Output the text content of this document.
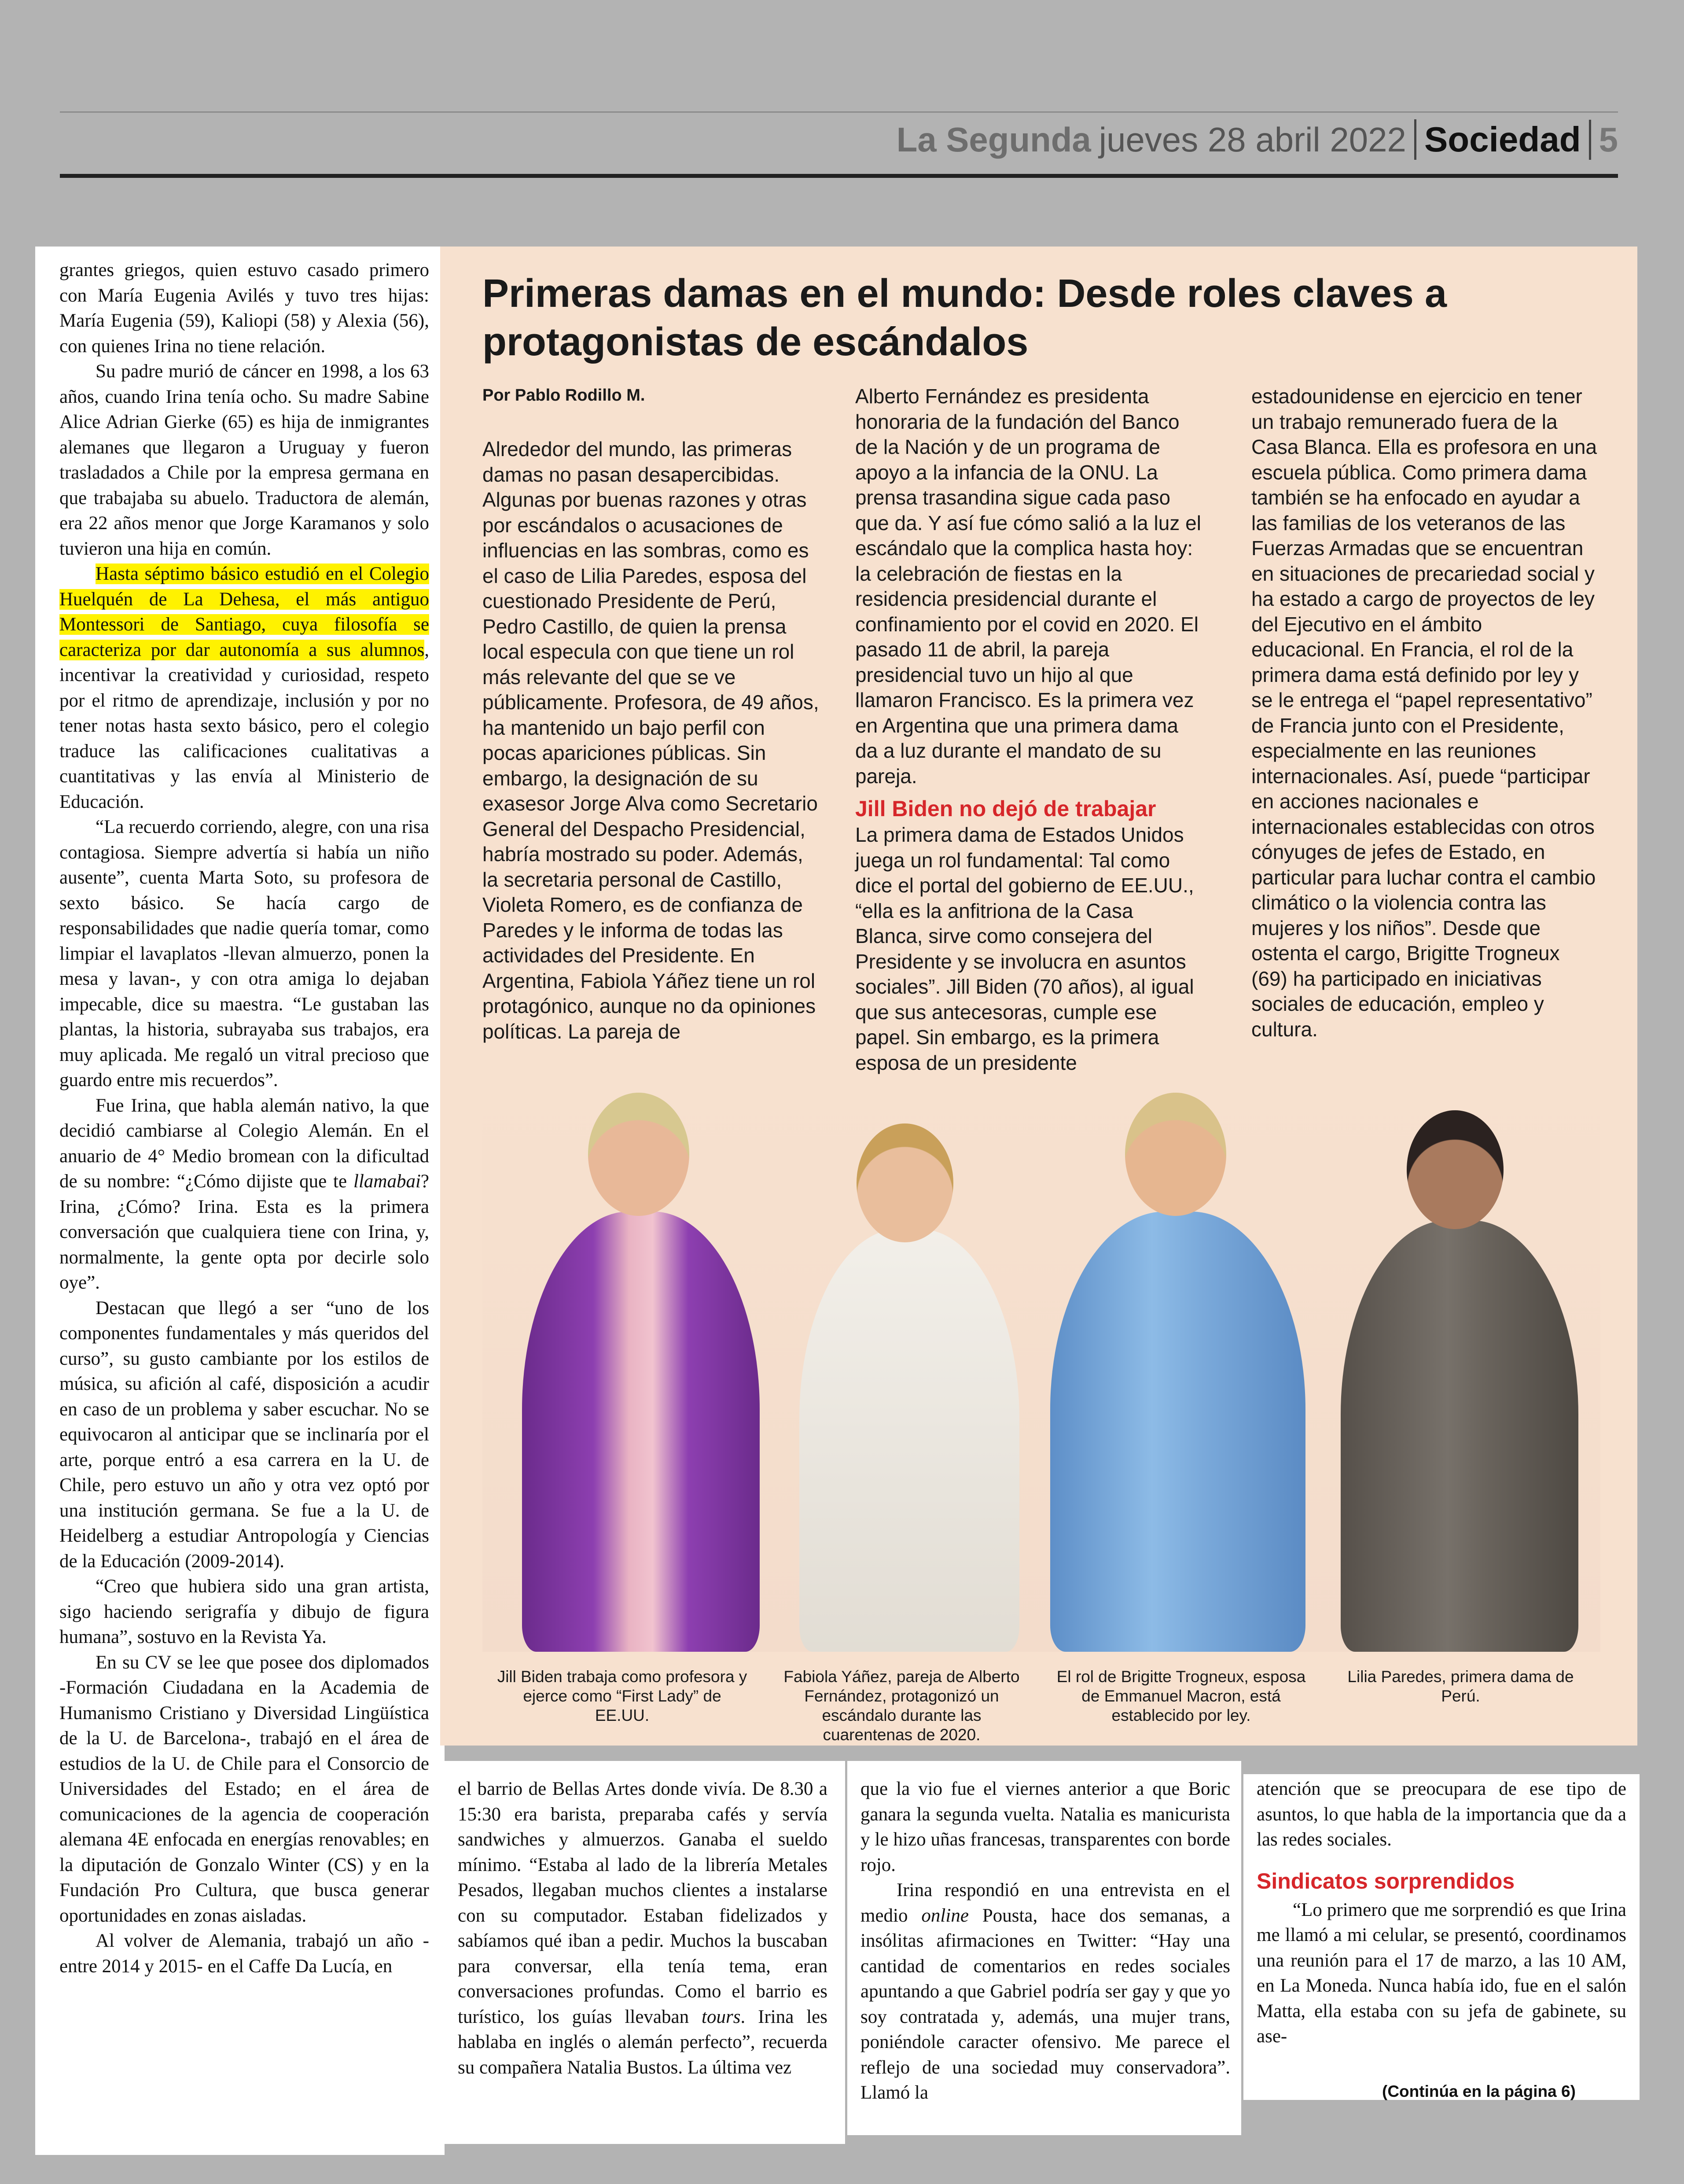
La Segunda jueves 28 abril 2022 Sociedad 5

grantes griegos, quien estuvo casado primero con María Eugenia Avilés y tuvo tres hijas: María Eugenia (59), Kaliopi (58) y Alexia (56), con quienes Irina no tiene relación.

Su padre murió de cáncer en 1998, a los 63 años, cuando Irina tenía ocho. Su madre Sabine Alice Adrian Gierke (65) es hija de inmigrantes alemanes que llegaron a Uruguay y fueron trasladados a Chile por la empresa germana en que trabajaba su abuelo. Traductora de alemán, era 22 años menor que Jorge Karamanos y solo tuvieron una hija en común.

Hasta séptimo básico estudió en el Colegio Huelquén de La Dehesa, el más antiguo Montessori de Santiago, cuya filosofía se caracteriza por dar autonomía a sus alumnos, incentivar la creatividad y curiosidad, respeto por el ritmo de aprendizaje, inclusión y por no tener notas hasta sexto básico, pero el colegio traduce las calificaciones cualitativas a cuantitativas y las envía al Ministerio de Educación.

“La recuerdo corriendo, alegre, con una risa contagiosa. Siempre advertía si había un niño ausente”, cuenta Marta Soto, su profesora de sexto básico. Se hacía cargo de responsabilidades que nadie quería tomar, como limpiar el lavaplatos -llevan almuerzo, ponen la mesa y lavan-, y con otra amiga lo dejaban impecable, dice su maestra. “Le gustaban las plantas, la historia, subrayaba sus trabajos, era muy aplicada. Me regaló un vitral precioso que guardo entre mis recuerdos”.

Fue Irina, que habla alemán nativo, la que decidió cambiarse al Colegio Alemán. En el anuario de 4° Medio bromean con la dificultad de su nombre: “¿Cómo dijiste que te llamabai? Irina, ¿Cómo? Irina. Esta es la primera conversación que cualquiera tiene con Irina, y, normalmente, la gente opta por decirle solo oye”.

Destacan que llegó a ser “uno de los componentes fundamentales y más queridos del curso”, su gusto cambiante por los estilos de música, su afición al café, disposición a acudir en caso de un problema y saber escuchar. No se equivocaron al anticipar que se inclinaría por el arte, porque entró a esa carrera en la U. de Chile, pero estuvo un año y otra vez optó por una institución germana. Se fue a la U. de Heidelberg a estudiar Antropología y Ciencias de la Educación (2009-2014).

“Creo que hubiera sido una gran artista, sigo haciendo serigrafía y dibujo de figura humana”, sostuvo en la Revista Ya.

En su CV se lee que posee dos diplomados -Formación Ciudadana en la Academia de Humanismo Cristiano y Diversidad Lingüística de la U. de Barcelona-, trabajó en el área de estudios de la U. de Chile para el Consorcio de Universidades del Estado; en el área de comunicaciones de la agencia de cooperación alemana 4E enfocada en energías renovables; en la diputación de Gonzalo Winter (CS) y en la Fundación Pro Cultura, que busca generar oportunidades en zonas aisladas.

Al volver de Alemania, trabajó un año -entre 2014 y 2015- en el Caffe Da Lucía, en

Primeras damas en el mundo: Desde roles claves a protagonistas de escándalos
Por Pablo Rodillo M.

Alrededor del mundo, las primeras damas no pasan desapercibidas. Algunas por buenas razones y otras por escándalos o acusaciones de influencias en las sombras, como es el caso de Lilia Paredes, esposa del cuestionado Presidente de Perú, Pedro Castillo, de quien la prensa local especula con que tiene un rol más relevante del que se ve públicamente. Profesora, de 49 años, ha mantenido un bajo perfil con pocas apariciones públicas. Sin embargo, la designación de su exasesor Jorge Alva como Secretario General del Despacho Presidencial, habría mostrado su poder. Además, la secretaria personal de Castillo, Violeta Romero, es de confianza de Paredes y le informa de todas las actividades del Presidente. En Argentina, Fabiola Yáñez tiene un rol protagónico, aunque no da opiniones políticas. La pareja de

Alberto Fernández es presidenta honoraria de la fundación del Banco de la Nación y de un programa de apoyo a la infancia de la ONU. La prensa trasandina sigue cada paso que da. Y así fue cómo salió a la luz el escándalo que la complica hasta hoy: la celebración de fiestas en la residencia presidencial durante el confinamiento por el covid en 2020. El pasado 11 de abril, la pareja presidencial tuvo un hijo al que llamaron Francisco. Es la primera vez en Argentina que una primera dama da a luz durante el mandato de su pareja.

Jill Biden no dejó de trabajar

La primera dama de Estados Unidos juega un rol fundamental: Tal como dice el portal del gobierno de EE.UU., “ella es la anfitriona de la Casa Blanca, sirve como consejera del Presidente y se involucra en asuntos sociales”. Jill Biden (70 años), al igual que sus antecesoras, cumple ese papel. Sin embargo, es la primera esposa de un presidente

estadounidense en ejercicio en tener un trabajo remunerado fuera de la Casa Blanca. Ella es profesora en una escuela pública. Como primera dama también se ha enfocado en ayudar a las familias de los veteranos de las Fuerzas Armadas que se encuentran en situaciones de precariedad social y ha estado a cargo de proyectos de ley del Ejecutivo en el ámbito educacional. En Francia, el rol de la primera dama está definido por ley y se le entrega el “papel representativo” de Francia junto con el Presidente, especialmente en las reuniones internacionales. Así, puede “participar en acciones nacionales e internacionales establecidas con otros cónyuges de jefes de Estado, en particular para luchar contra el cambio climático o la violencia contra las mujeres y los niños”. Desde que ostenta el cargo, Brigitte Trogneux (69) ha participado en iniciativas sociales de educación, empleo y cultura.

Jill Biden trabaja como profesora y ejerce como “First Lady” de EE.UU.
Fabiola Yáñez, pareja de Alberto Fernández, protagonizó un escándalo durante las cuarentenas de 2020.
El rol de Brigitte Trogneux, esposa de Emmanuel Macron, está establecido por ley.
Lilia Paredes, primera dama de Perú.

el barrio de Bellas Artes donde vivía. De 8.30 a 15:30 era barista, preparaba cafés y servía sandwiches y almuerzos. Ganaba el sueldo mínimo. “Estaba al lado de la librería Metales Pesados, llegaban muchos clientes a instalarse con su computador. Estaban fidelizados y sabíamos qué iban a pedir. Muchos la buscaban para conversar, ella tenía tema, eran conversaciones profundas. Como el barrio es turístico, los guías llevaban tours. Irina les hablaba en inglés o alemán perfecto”, recuerda su compañera Natalia Bustos. La última vez

que la vio fue el viernes anterior a que Boric ganara la segunda vuelta. Natalia es manicurista y le hizo uñas francesas, transparentes con borde rojo.

Irina respondió en una entrevista en el medio online Pousta, hace dos semanas, a insólitas afirmaciones en Twitter: “Hay una cantidad de comentarios en redes sociales apuntando a que Gabriel podría ser gay y que yo soy contratada y, además, una mujer trans, poniéndole caracter ofensivo. Me parece el reflejo de una sociedad muy conservadora”. Llamó la

atención que se preocupara de ese tipo de asuntos, lo que habla de la importancia que da a las redes sociales.

Sindicatos sorprendidos

“Lo primero que me sorprendió es que Irina me llamó a mi celular, se presentó, coordinamos una reunión para el 17 de marzo, a las 10 AM, en La Moneda. Nunca había ido, fue en el salón Matta, ella estaba con su jefa de gabinete, su ase-

(Continúa en la página 6)
